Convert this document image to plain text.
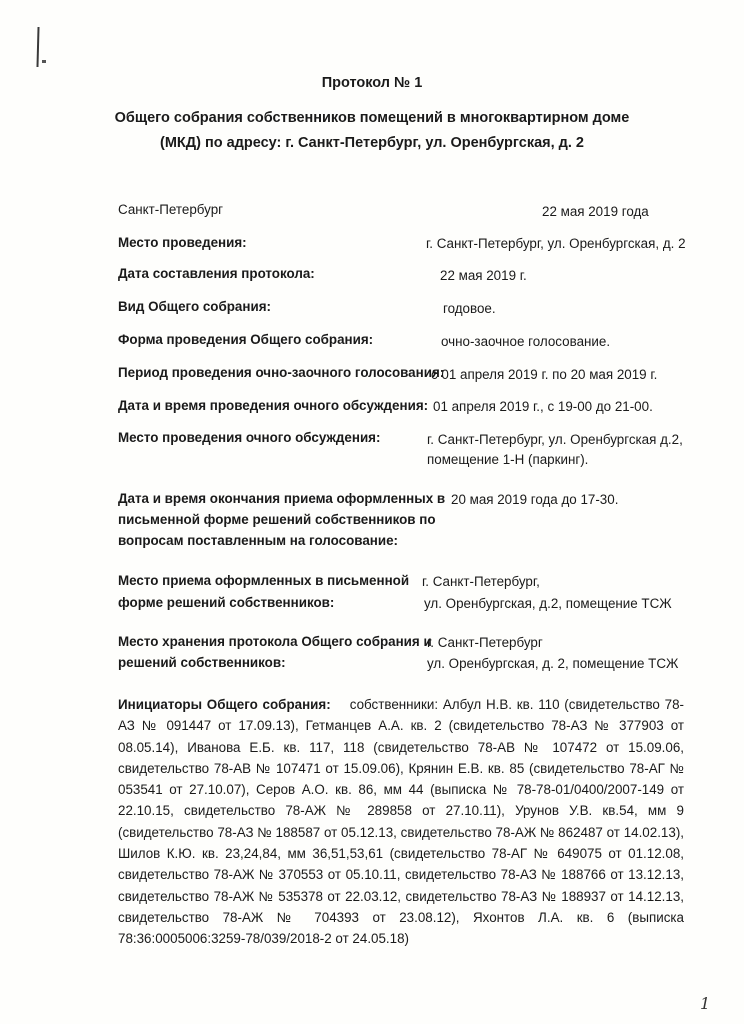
Протокол № 1
Общего собрания собственников помещений в многоквартирном доме
(МКД) по адресу: г. Санкт-Петербург, ул. Оренбургская, д. 2
Санкт-Петербург	22 мая 2019 года
Место проведения:	г. Санкт-Петербург, ул. Оренбургская, д. 2
Дата составления протокола:	22 мая 2019 г.
Вид Общего собрания:	годовое.
Форма проведения Общего собрания:	очно-заочное голосование.
Период проведения очно-заочного голосования:
с 01 апреля 2019 г. по 20 мая 2019 г.
Дата и время проведения очного обсуждения: 01 апреля 2019 г., с 19-00 до 21-00.
Место проведения очного обсуждения:	г. Санкт-Петербург, ул. Оренбургская д.2,
помещение 1-Н (паркинг).
Дата и время окончания приема оформленных в
письменной форме решений собственников по
вопросам поставленным на голосование:
20 мая 2019 года до 17-30.
Место приема оформленных в письменной
форме решений собственников:
г. Санкт-Петербург,
ул. Оренбургская, д.2, помещение ТСЖ
Место хранения протокола Общего собрания и
решений собственников:
г. Санкт-Петербург
ул. Оренбургская, д. 2, помещение ТСЖ
Инициаторы Общего собрания: собственники: Албул Н.В. кв. 110 (свидетельство 78-АЗ № 091447 от 17.09.13), Гетманцев А.А. кв. 2 (свидетельство 78-АЗ № 377903 от 08.05.14), Иванова Е.Б. кв. 117, 118 (свидетельство 78-АВ № 107472 от 15.09.06, свидетельство 78-АВ № 107471 от 15.09.06), Крянин Е.В. кв. 85 (свидетельство 78-АГ № 053541 от 27.10.07), Серов А.О. кв. 86, мм 44 (выписка № 78-78-01/0400/2007-149 от 22.10.15, свидетельство 78-АЖ № 289858 от 27.10.11), Урунов У.В. кв.54, мм 9 (свидетельство 78-АЗ № 188587 от 05.12.13, свидетельство 78-АЖ № 862487 от 14.02.13), Шилов К.Ю. кв. 23,24,84, мм 36,51,53,61 (свидетельство 78-АГ № 649075 от 01.12.08, свидетельство 78-АЖ № 370553 от 05.10.11, свидетельство 78-АЗ № 188766 от 13.12.13, свидетельство 78-АЖ № 535378 от 22.03.12, свидетельство 78-АЗ № 188937 от 14.12.13, свидетельство 78-АЖ № 704393 от 23.08.12), Яхонтов Л.А. кв. 6 (выписка 78:36:0005006:3259-78/039/2018-2 от 24.05.18)
1
